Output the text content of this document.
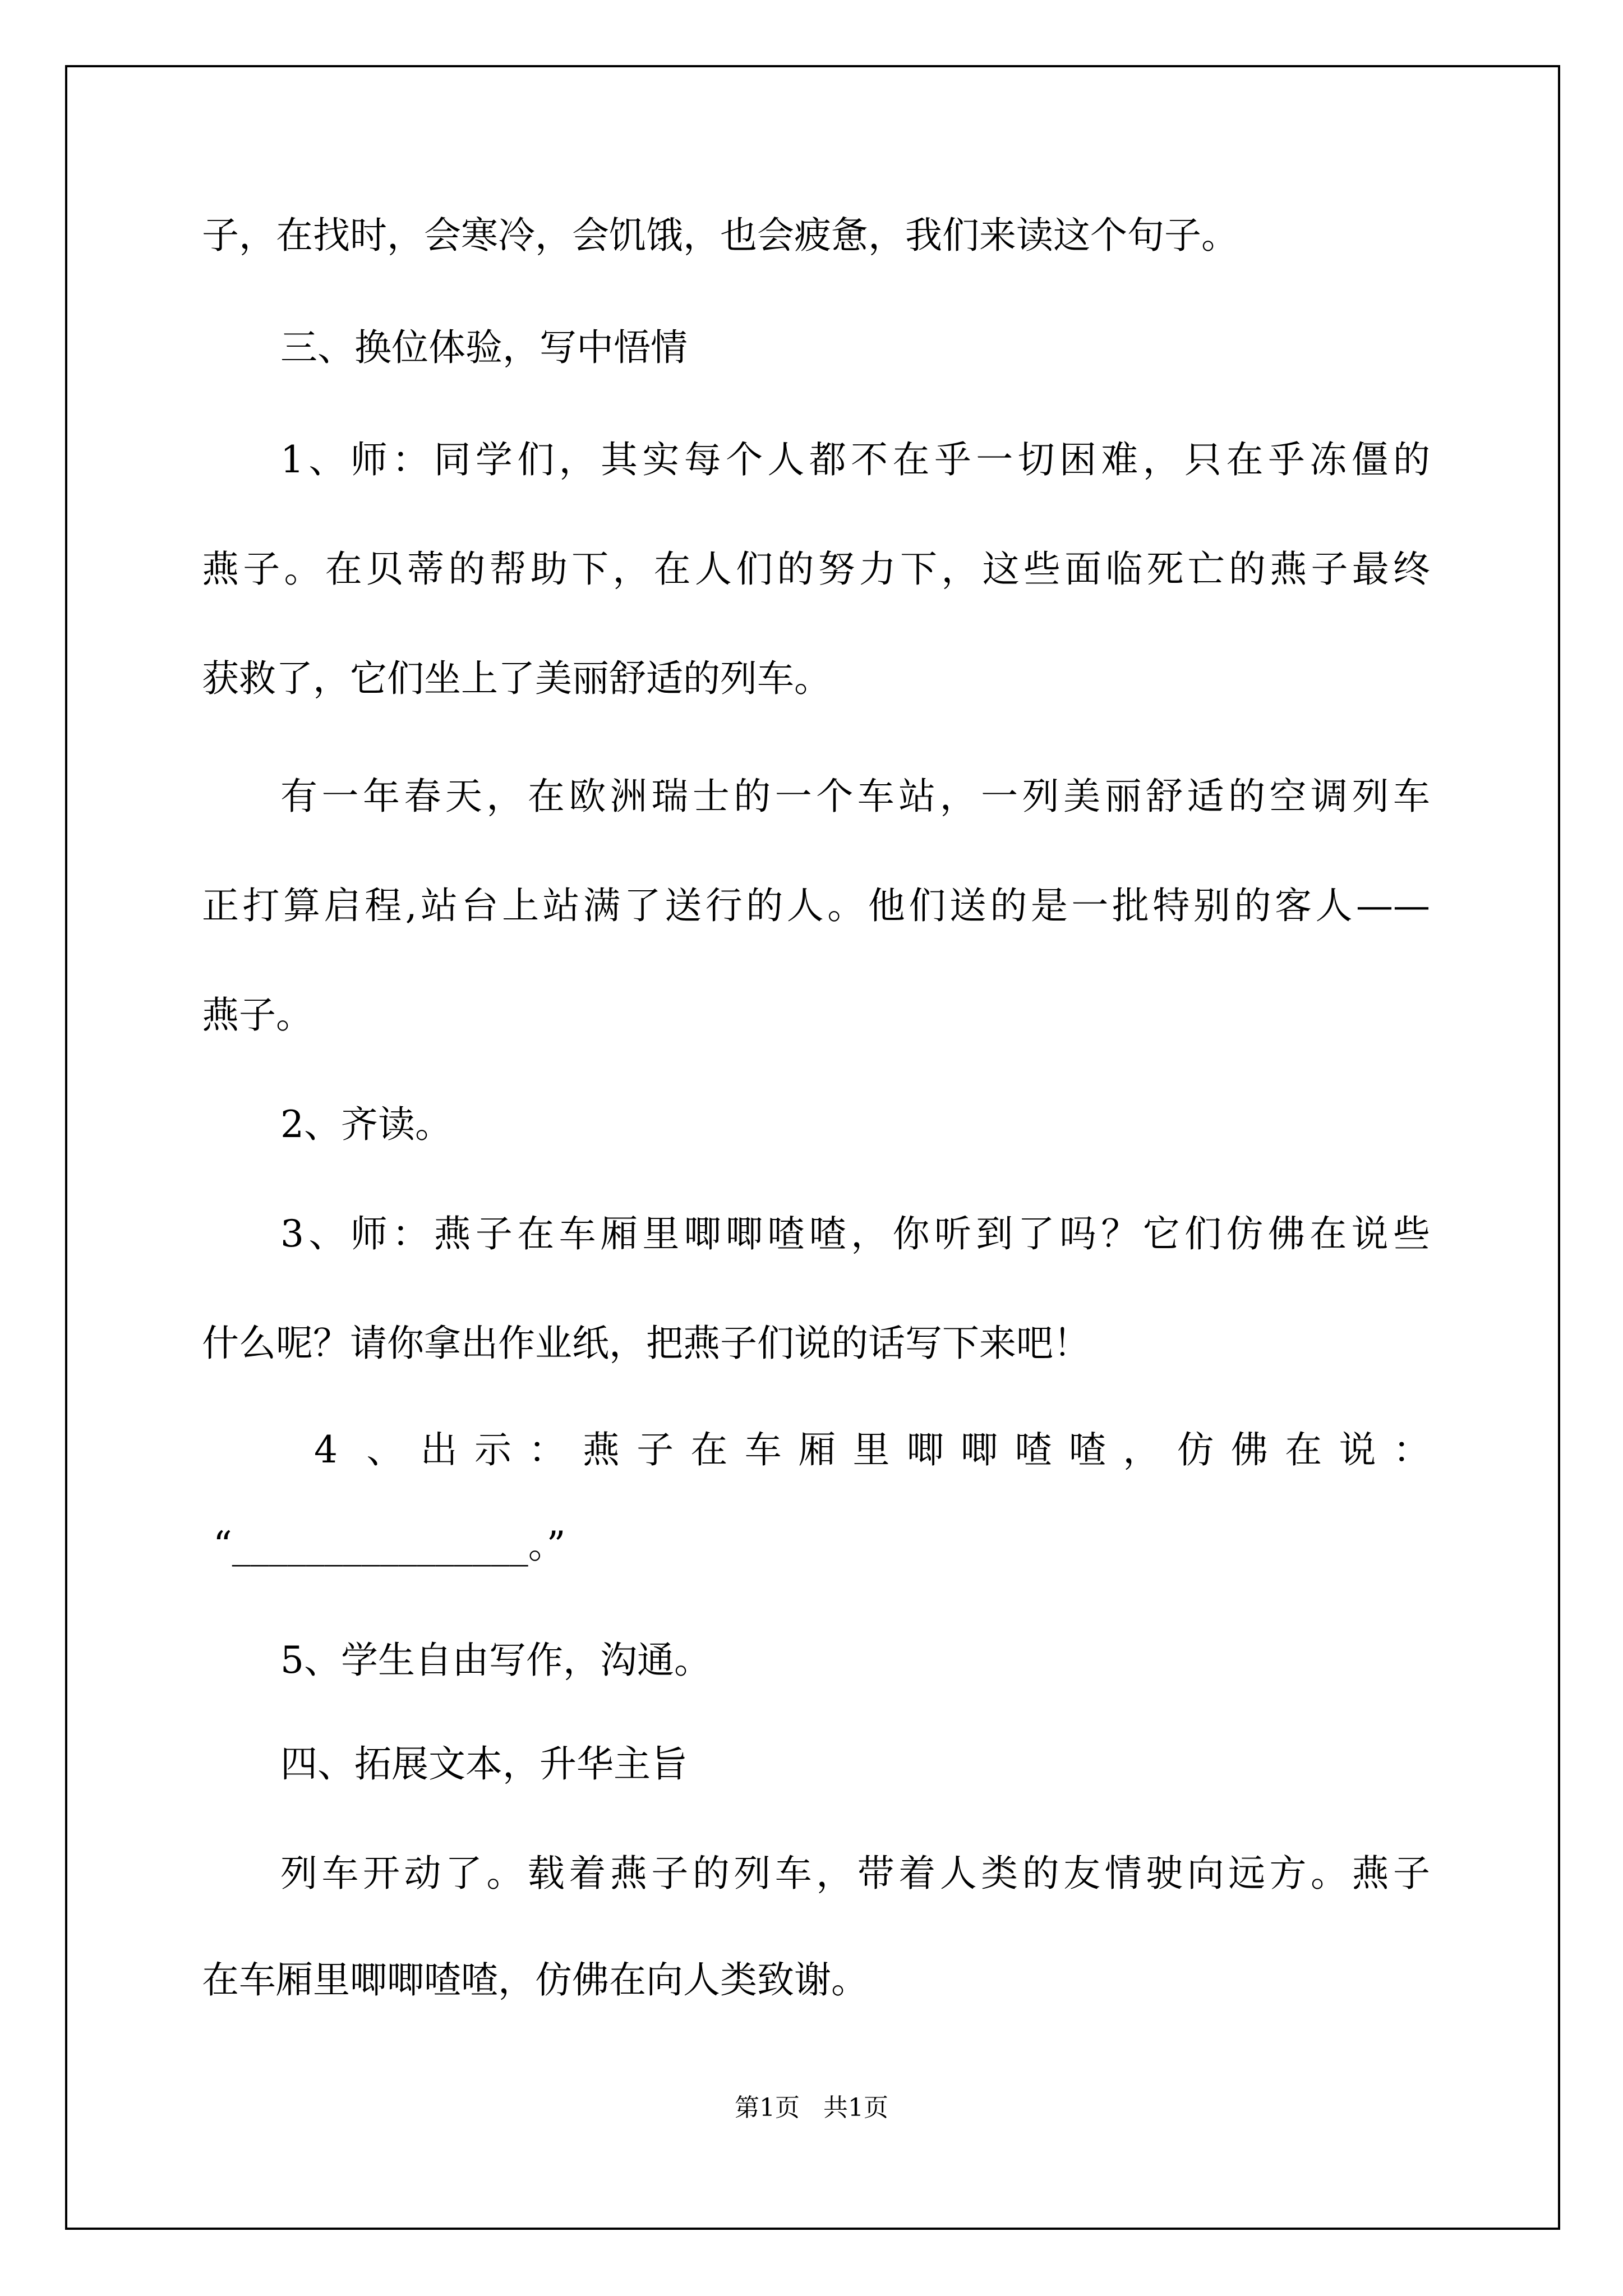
子，在找时，会寒冷，会饥饿，也会疲惫，我们来读这个句子。
三、换位体验，写中悟情
1、师：同学们，其实每个人都不在乎一切困难，只在乎冻僵的
燕子。在贝蒂的帮助下，在人们的努力下，这些面临死亡的燕子最终
获救了，它们坐上了美丽舒适的列车。
有一年春天，在欧洲瑞士的一个车站，一列美丽舒适的空调列车
正打算启程,站台上站满了送行的人。他们送的是一批特别的客人——
燕子。
2、齐读。
3、师：燕子在车厢里唧唧喳喳，你听到了吗？它们仿佛在说些
什么呢？请你拿出作业纸，把燕子们说的话写下来吧！
4 、出示：燕子在车厢里唧唧喳喳，仿佛在说：
“________________。”
5、学生自由写作，沟通。
四、拓展文本，升华主旨
列车开动了。载着燕子的列车，带着人类的友情驶向远方。燕子
在车厢里唧唧喳喳，仿佛在向人类致谢。
第1页   共1页
